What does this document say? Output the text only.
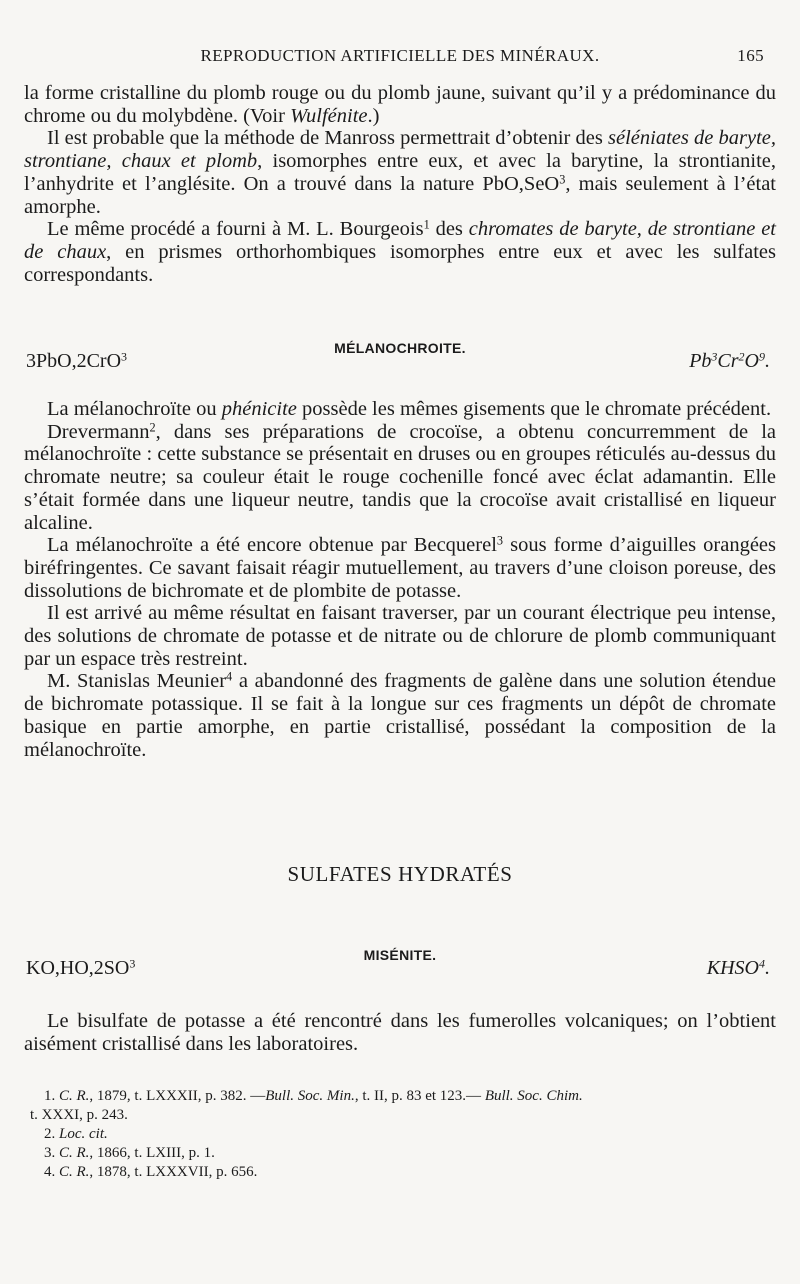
REPRODUCTION ARTIFICIELLE DES MINÉRAUX.	165

la forme cristalline du plomb rouge ou du plomb jaune, suivant qu’il y a prédominance du chrome ou du molybdène. (Voir Wulfénite.)

Il est probable que la méthode de Manross permettrait d’obtenir des séléniates de baryte, strontiane, chaux et plomb, isomorphes entre eux, et avec la barytine, la strontianite, l’anhydrite et l’anglésite. On a trouvé dans la nature PbO,SeO$^3$, mais seulement à l’état amorphe.

Le même procédé a fourni à M. L. Bourgeois$^1$ des chromates de baryte, de strontiane et de chaux, en prismes orthorhombiques isomorphes entre eux et avec les sulfates correspondants.

MÉLANOCHROITE.
3PbO,2CrO$^3$	$Pb^3Cr^2O^9$.

La mélanochroïte ou phénicite possède les mêmes gisements que le chromate précédent.

Drevermann$^2$, dans ses préparations de crocoïse, a obtenu concurremment de la mélanochroïte : cette substance se présentait en druses ou en groupes réticulés au-dessus du chromate neutre; sa couleur était le rouge cochenille foncé avec éclat adamantin. Elle s’était formée dans une liqueur neutre, tandis que la crocoïse avait cristallisé en liqueur alcaline.

La mélanochroïte a été encore obtenue par Becquerel$^3$ sous forme d’aiguilles orangées biréfringentes. Ce savant faisait réagir mutuellement, au travers d’une cloison poreuse, des dissolutions de bichromate et de plombite de potasse.

Il est arrivé au même résultat en faisant traverser, par un courant électrique peu intense, des solutions de chromate de potasse et de nitrate ou de chlorure de plomb communiquant par un espace très restreint.

M. Stanislas Meunier$^4$ a abandonné des fragments de galène dans une solution étendue de bichromate potassique. Il se fait à la longue sur ces fragments un dépôt de chromate basique en partie amorphe, en partie cristallisé, possédant la composition de la mélanochroïte.

SULFATES HYDRATÉS
MISÉNITE.
$KO,HO,2SO^3$	KHSO$^4$.

Le bisulfate de potasse a été rencontré dans les fumerolles volcaniques; on l’obtient aisément cristallisé dans les laboratoires.

1. C. R., 1879, t. LXXXII, p. 382. —Bull. Soc. Min., t. II, p. 83 et 123.— Bull. Soc. Chim.
t. XXXI, p. 243.
2. Loc. cit.
3. C. R., 1866, t. LXIII, p. 1.
4. C. R., 1878, t. LXXXVII, p. 656.
